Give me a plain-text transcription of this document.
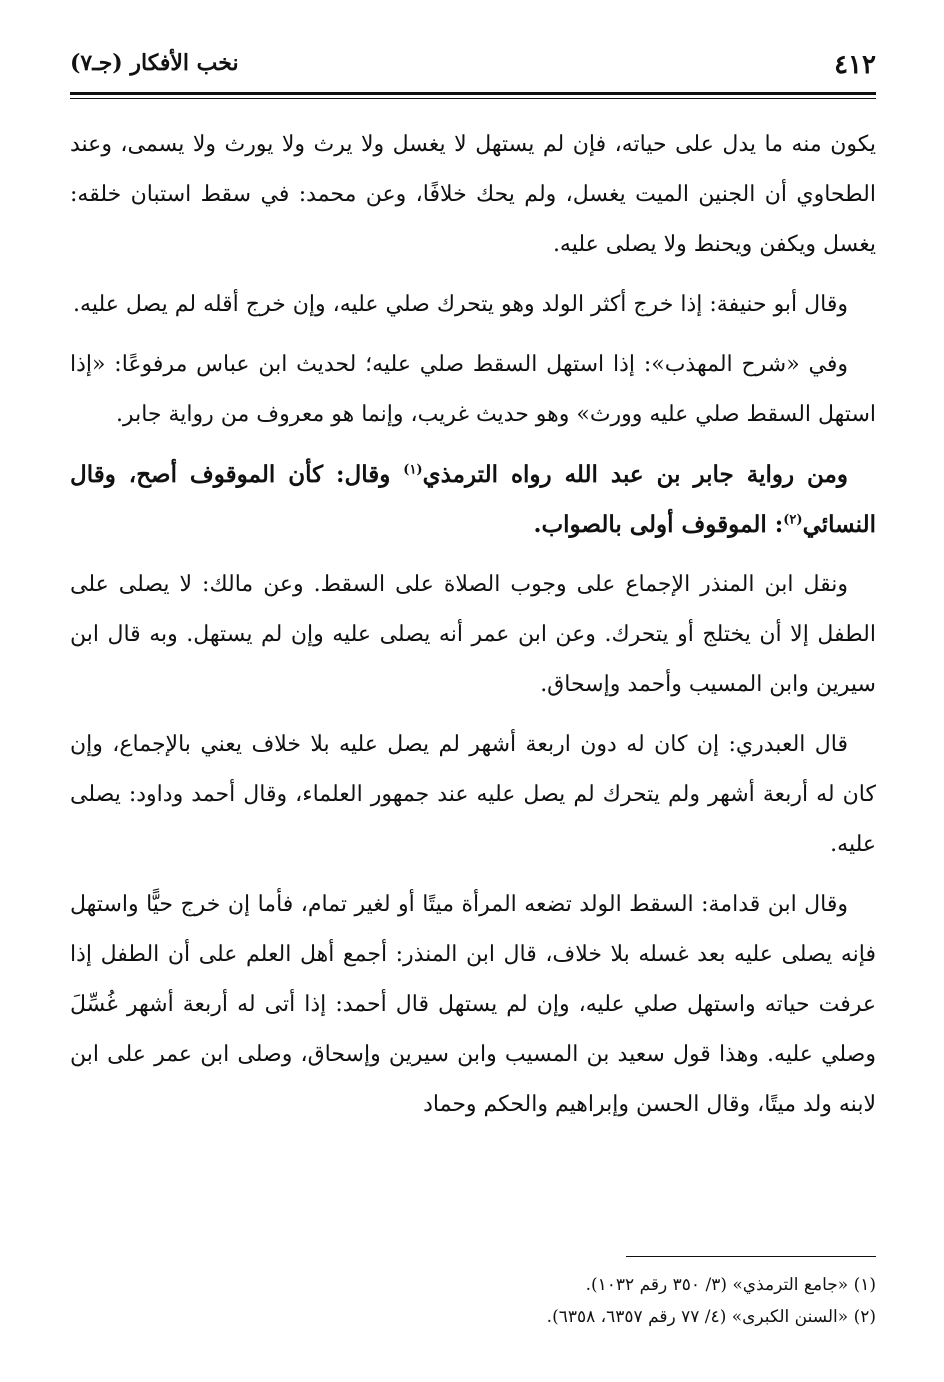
٤١٢
نخب الأفكار (جـ٧)

يكون منه ما يدل على حياته، فإن لم يستهل لا يغسل ولا يرث ولا يورث ولا يسمى، وعند الطحاوي أن الجنين الميت يغسل، ولم يحك خلافًا، وعن محمد: في سقط استبان خلقه: يغسل ويكفن ويحنط ولا يصلى عليه.

وقال أبو حنيفة: إذا خرج أكثر الولد وهو يتحرك صلي عليه، وإن خرج أقله لم يصل عليه.

وفي «شرح المهذب»: إذا استهل السقط صلي عليه؛ لحديث ابن عباس مرفوعًا: «إذا استهل السقط صلي عليه وورث» وهو حديث غريب، وإنما هو معروف من رواية جابر.

ومن رواية جابر بن عبد الله رواه الترمذي$^{(١)}$ وقال: كأن الموقوف أصح، وقال النسائي$^{(٢)}$: الموقوف أولى بالصواب.

ونقل ابن المنذر الإجماع على وجوب الصلاة على السقط. وعن مالك: لا يصلى على الطفل إلا أن يختلج أو يتحرك. وعن ابن عمر أنه يصلى عليه وإن لم يستهل. وبه قال ابن سيرين وابن المسيب وأحمد وإسحاق.

قال العبدري: إن كان له دون اربعة أشهر لم يصل عليه بلا خلاف يعني بالإجماع، وإن كان له أربعة أشهر ولم يتحرك لم يصل عليه عند جمهور العلماء، وقال أحمد وداود: يصلى عليه.

وقال ابن قدامة: السقط الولد تضعه المرأة ميتًا أو لغير تمام، فأما إن خرج حيًّا واستهل فإنه يصلى عليه بعد غسله بلا خلاف، قال ابن المنذر: أجمع أهل العلم على أن الطفل إذا عرفت حياته واستهل صلي عليه، وإن لم يستهل قال أحمد: إذا أتى له أربعة أشهر غُسِّلَ وصلي عليه. وهذا قول سعيد بن المسيب وابن سيرين وإسحاق، وصلى ابن عمر على ابن لابنه ولد ميتًا، وقال الحسن وإبراهيم والحكم وحماد

(١) «جامع الترمذي» (٣/ ٣٥٠ رقم ١٠٣٢).

(٢) «السنن الكبرى» (٤/ ٧٧ رقم ٦٣٥٧، ٦٣٥٨).
